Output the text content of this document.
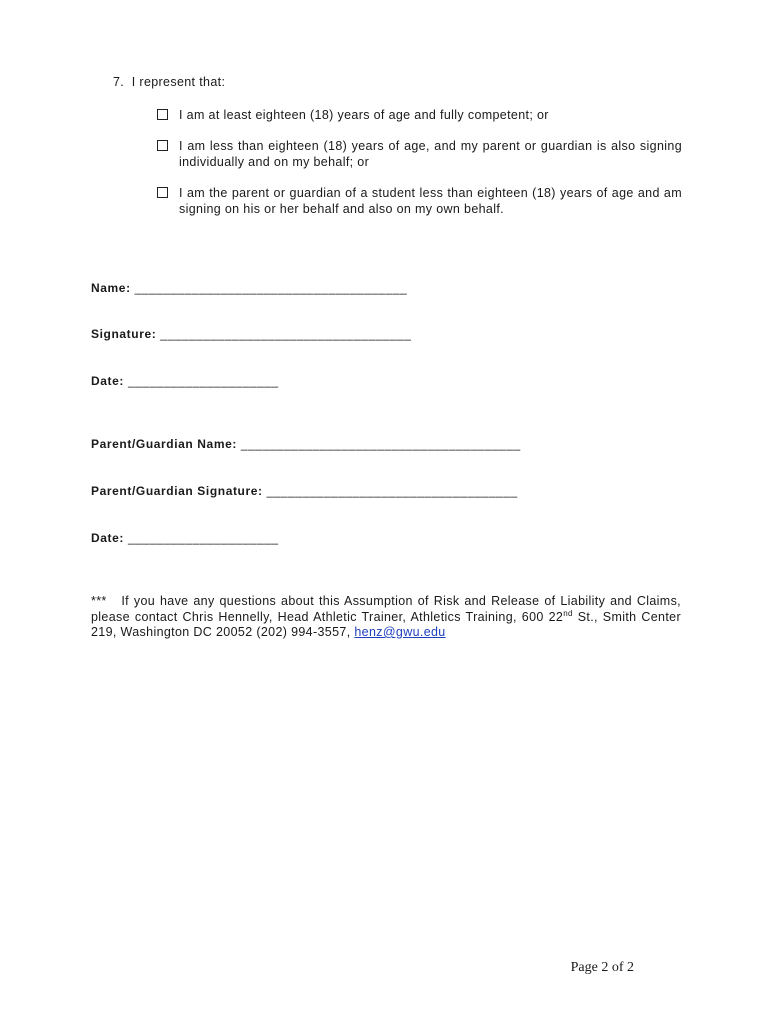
7. I represent that:
I am at least eighteen (18) years of age and fully competent; or
I am less than eighteen (18) years of age, and my parent or guardian is also signing individually and on my behalf; or
I am the parent or guardian of a student less than eighteen (18) years of age and am signing on his or her behalf and also on my own behalf.
Name: ______________________________________
Signature: ___________________________________
Date: _____________________
Parent/Guardian Name: _______________________________________
Parent/Guardian Signature: ___________________________________
Date: _____________________
*** If you have any questions about this Assumption of Risk and Release of Liability and Claims, please contact Chris Hennelly, Head Athletic Trainer, Athletics Training, 600 22nd St., Smith Center 219, Washington DC 20052 (202) 994-3557, henz@gwu.edu
Page 2 of 2
